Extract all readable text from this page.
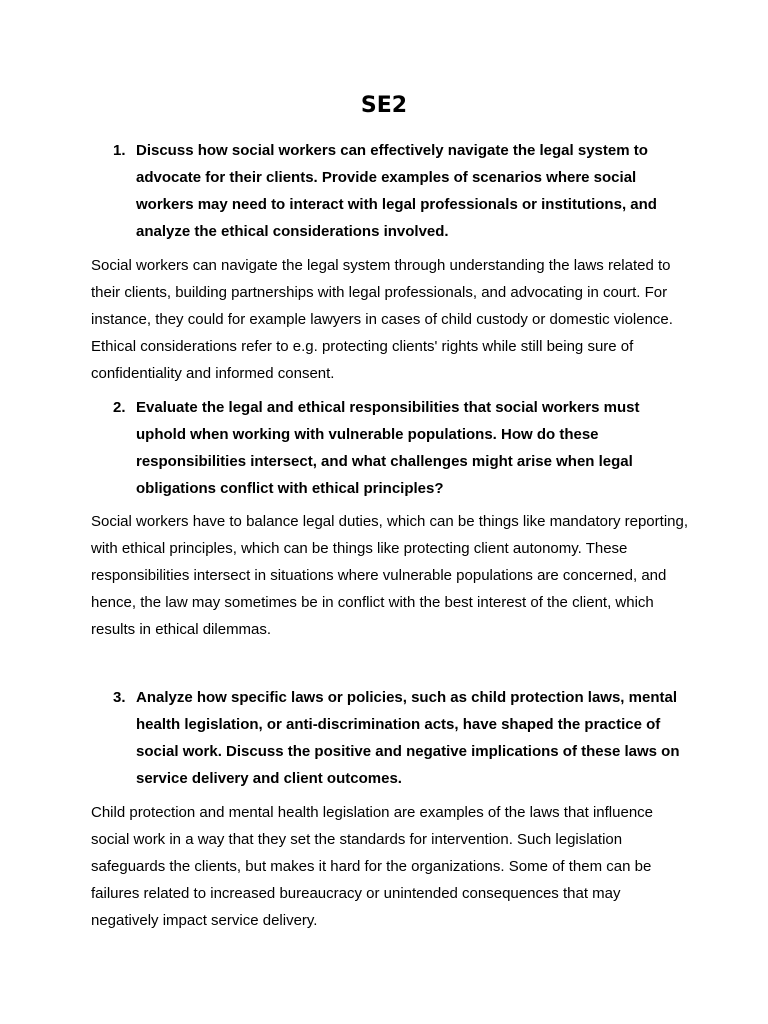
SE2
1. Discuss how social workers can effectively navigate the legal system to advocate for their clients. Provide examples of scenarios where social workers may need to interact with legal professionals or institutions, and analyze the ethical considerations involved.

Social workers can navigate the legal system through understanding the laws related to their clients, building partnerships with legal professionals, and advocating in court. For instance, they could for example lawyers in cases of child custody or domestic violence. Ethical considerations refer to e.g. protecting clients' rights while still being sure of confidentiality and informed consent.

2. Evaluate the legal and ethical responsibilities that social workers must uphold when working with vulnerable populations. How do these responsibilities intersect, and what challenges might arise when legal obligations conflict with ethical principles?

Social workers have to balance legal duties, which can be things like mandatory reporting, with ethical principles, which can be things like protecting client autonomy. These responsibilities intersect in situations where vulnerable populations are concerned, and hence, the law may sometimes be in conflict with the best interest of the client, which results in ethical dilemmas.

3. Analyze how specific laws or policies, such as child protection laws, mental health legislation, or anti-discrimination acts, have shaped the practice of social work. Discuss the positive and negative implications of these laws on service delivery and client outcomes.

Child protection and mental health legislation are examples of the laws that influence social work in a way that they set the standards for intervention. Such legislation safeguards the clients, but makes it hard for the organizations. Some of them can be failures related to increased bureaucracy or unintended consequences that may negatively impact service delivery.
